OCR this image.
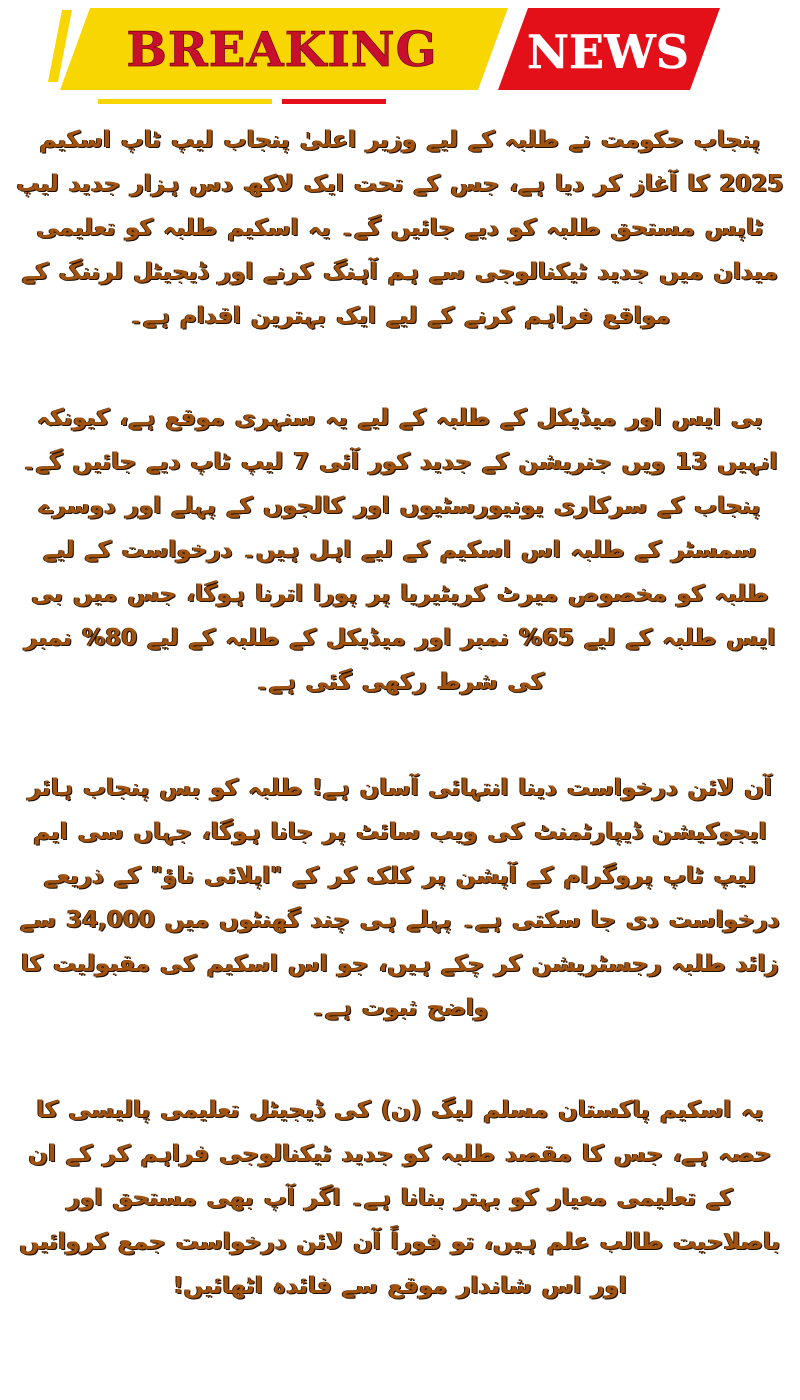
BREAKING NEWS

پنجاب حکومت نے طلبہ کے لیے وزیر اعلیٰ پنجاب لیپ ٹاپ اسکیم 2025 کا آغاز کر دیا ہے، جس کے تحت ایک لاکھ دس ہزار جدید لیپ ٹاپس مستحق طلبہ کو دیے جائیں گے۔ یہ اسکیم طلبہ کو تعلیمی میدان میں جدید ٹیکنالوجی سے ہم آہنگ کرنے اور ڈیجیٹل لرننگ کے مواقع فراہم کرنے کے لیے ایک بہترین اقدام ہے۔

بی ایس اور میڈیکل کے طلبہ کے لیے یہ سنہری موقع ہے، کیونکہ انہیں 13 ویں جنریشن کے جدید کور آئی 7 لیپ ٹاپ دیے جائیں گے۔ پنجاب کے سرکاری یونیورسٹیوں اور کالجوں کے پہلے اور دوسرے سمسٹر کے طلبہ اس اسکیم کے لیے اہل ہیں۔ درخواست کے لیے طلبہ کو مخصوص میرٹ کریٹیریا پر پورا اترنا ہوگا، جس میں بی ایس طلبہ کے لیے 65% نمبر اور میڈیکل کے طلبہ کے لیے 80% نمبر کی شرط رکھی گئی ہے۔

آن لائن درخواست دینا انتہائی آسان ہے! طلبہ کو بس پنجاب ہائر ایجوکیشن ڈیپارٹمنٹ کی ویب سائٹ پر جانا ہوگا، جہاں سی ایم لیپ ٹاپ پروگرام کے آپشن پر کلک کر کے "اپلائی ناؤ" کے ذریعے درخواست دی جا سکتی ہے۔ پہلے ہی چند گھنٹوں میں 34,000 سے زائد طلبہ رجسٹریشن کر چکے ہیں، جو اس اسکیم کی مقبولیت کا واضح ثبوت ہے۔

یہ اسکیم پاکستان مسلم لیگ (ن) کی ڈیجیٹل تعلیمی پالیسی کا حصہ ہے، جس کا مقصد طلبہ کو جدید ٹیکنالوجی فراہم کر کے ان کے تعلیمی معیار کو بہتر بنانا ہے۔ اگر آپ بھی مستحق اور باصلاحیت طالب علم ہیں، تو فوراً آن لائن درخواست جمع کروائیں اور اس شاندار موقع سے فائدہ اٹھائیں!
